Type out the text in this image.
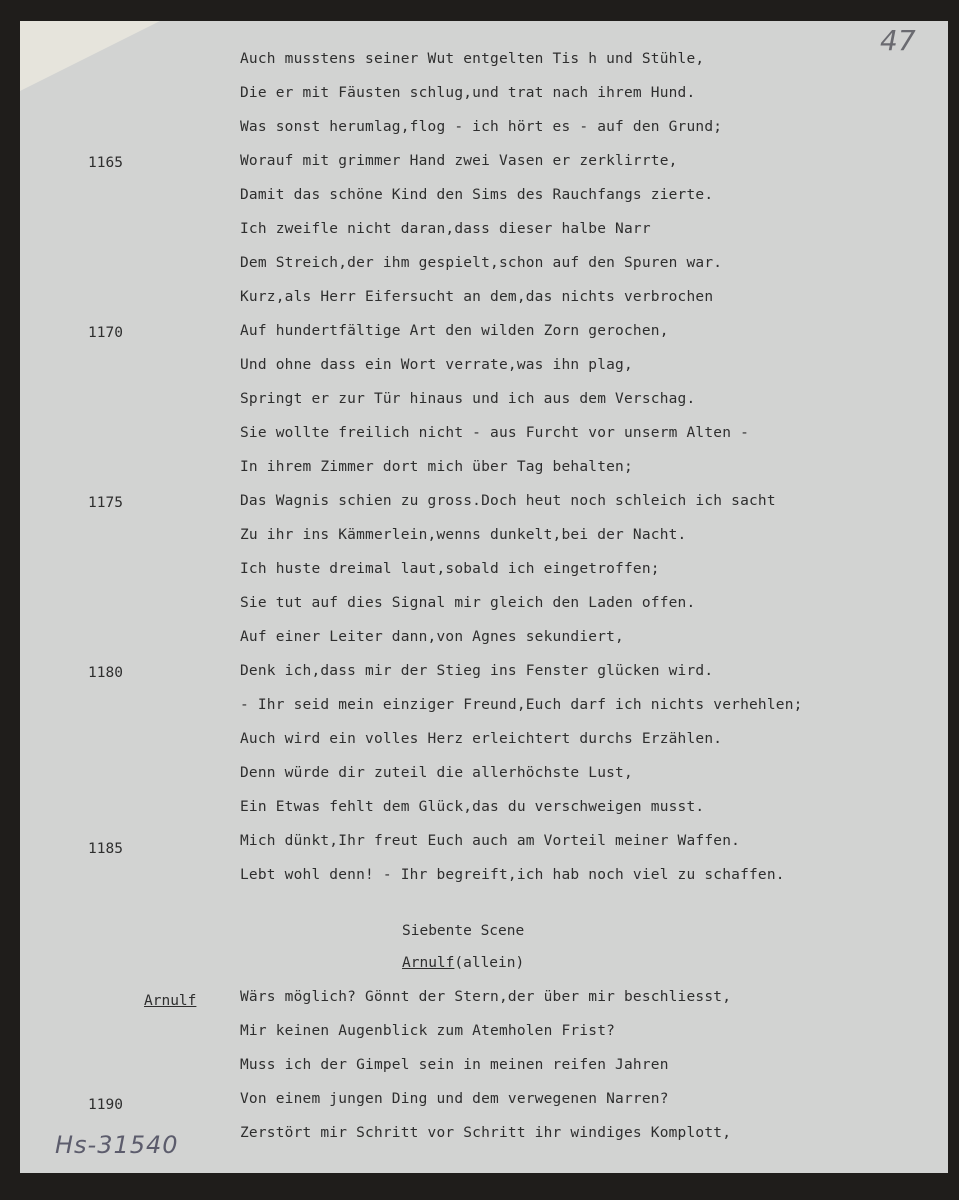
47
Auch musstens seiner Wut entgelten Tis h und Stühle,
Die er mit Fäusten schlug,und trat nach ihrem Hund.
Was sonst herumlag,flog - ich hört es - auf den Grund;
Worauf mit grimmer Hand zwei Vasen er zerklirrte,
Damit das schöne Kind den Sims des Rauchfangs zierte.
Ich zweifle nicht daran,dass dieser halbe Narr
Dem Streich,der ihm gespielt,schon auf den Spuren war.
Kurz,als Herr Eifersucht an dem,das nichts verbrochen
Auf hundertfältige Art den wilden Zorn gerochen,
Und ohne dass ein Wort verrate,was ihn plag,
Springt er zur Tür hinaus und ich aus dem Verschag.
Sie wollte freilich nicht - aus Furcht vor unserm Alten -
In ihrem Zimmer dort mich über Tag behalten;
Das Wagnis schien zu gross.Doch heut noch schleich ich sacht
Zu ihr ins Kämmerlein,wenns dunkelt,bei der Nacht.
Ich huste dreimal laut,sobald ich eingetroffen;
Sie tut auf dies Signal mir gleich den Laden offen.
Auf einer Leiter dann,von Agnes sekundiert,
Denk ich,dass mir der Stieg ins Fenster glücken wird.
- Ihr seid mein einziger Freund,Euch darf ich nichts verhehlen;
Auch wird ein volles Herz erleichtert durchs Erzählen.
Denn würde dir zuteil die allerhöchste Lust,
Ein Etwas fehlt dem Glück,das du verschweigen musst.
Mich dünkt,Ihr freut Euch auch am Vorteil meiner Waffen.
Lebt wohl denn! - Ihr begreift,ich hab noch viel zu schaffen.
1165
1170
1175
1180
1185
1190
Siebente Scene
Arnulf(allein)
Arnulf	Wärs möglich? Gönnt der Stern,der über mir beschliesst,
Mir keinen Augenblick zum Atemholen Frist?
Muss ich der Gimpel sein in meinen reifen Jahren
Von einem jungen Ding und dem verwegenen Narren?
Zerstört mir Schritt vor Schritt ihr windiges Komplott,
Hs-31540
